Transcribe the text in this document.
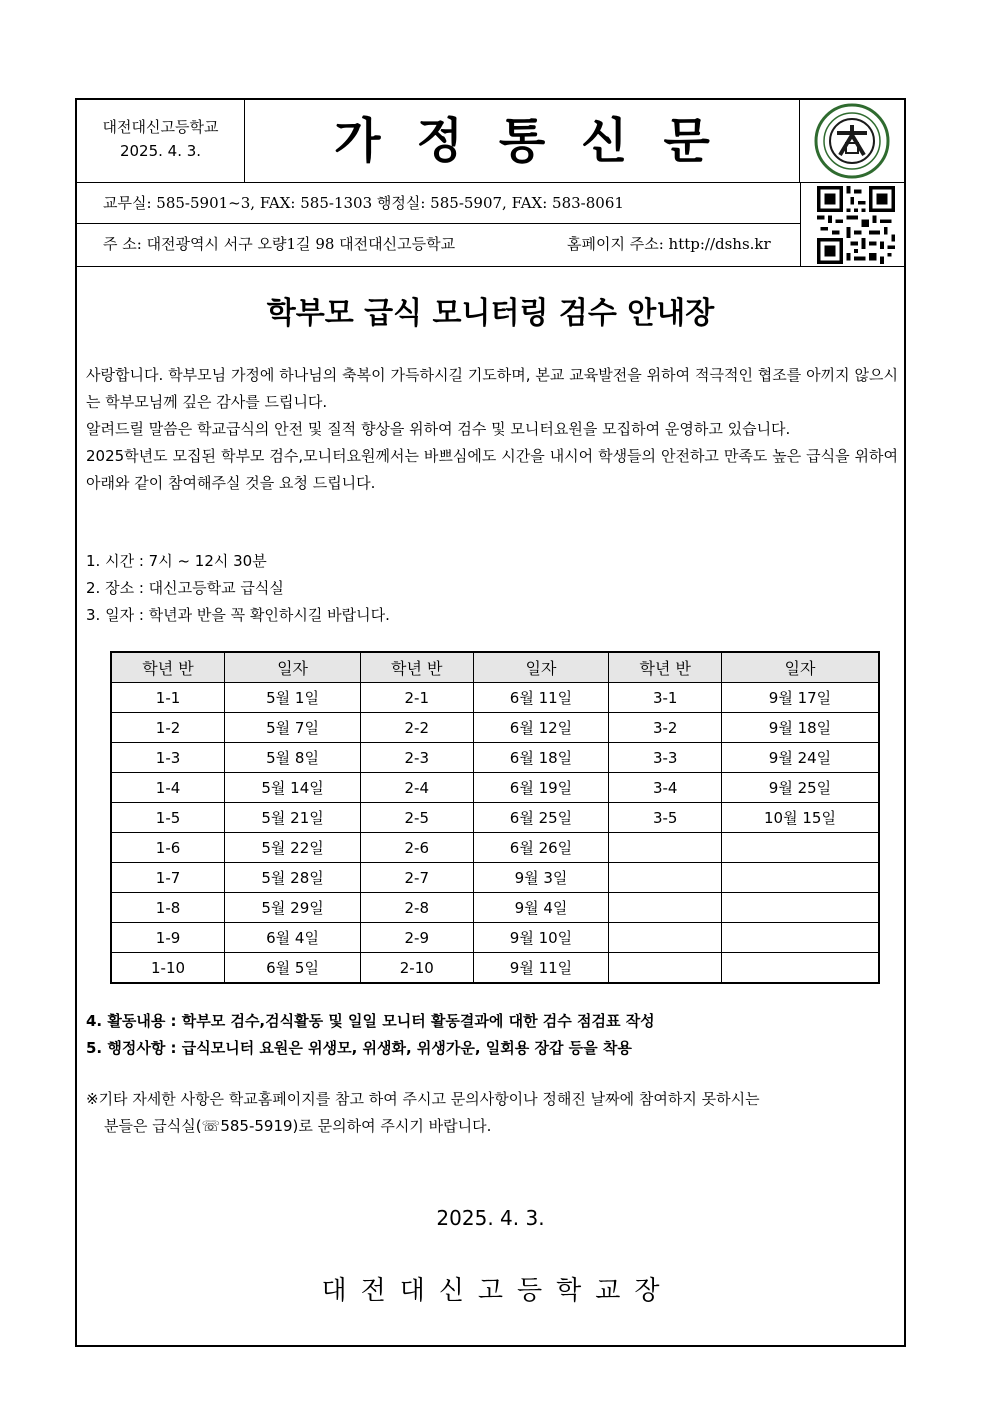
대전대신고등학교
2025. 4. 3.	가정통신문
교무실: 585-5901~3, FAX: 585-1303 행정실: 585-5907, FAX: 583-8061
주 소: 대전광역시 서구 오량1길 98 대전대신고등학교	홈페이지 주소: http://dshs.kr
학부모 급식 모니터링 검수 안내장

사랑합니다. 학부모님 가정에 하나님의 축복이 가득하시길 기도하며, 본교 교육발전을 위하여 적극적인 협조를 아끼지 않으시는 학부모님께 깊은 감사를 드립니다.

알려드릴 말씀은 학교급식의 안전 및 질적 향상을 위하여 검수 및 모니터요원을 모집하여 운영하고 있습니다.

2025학년도 모집된 학부모 검수,모니터요원께서는 바쁘심에도 시간을 내시어 학생들의 안전하고 만족도 높은 급식을 위하여 아래와 같이 참여해주실 것을 요청 드립니다.

1. 시간 : 7시 ~ 12시 30분
2. 장소 : 대신고등학교 급식실
3. 일자 : 학년과 반을 꼭 확인하시길 바랍니다.
학년 반	일자	학년 반	일자	학년 반	일자
1-1	5월 1일	2-1	6월 11일	3-1	9월 17일
1-2	5월 7일	2-2	6월 12일	3-2	9월 18일
1-3	5월 8일	2-3	6월 18일	3-3	9월 24일
1-4	5월 14일	2-4	6월 19일	3-4	9월 25일
1-5	5월 21일	2-5	6월 25일	3-5	10월 15일
1-6	5월 22일	2-6	6월 26일		
1-7	5월 28일	2-7	9월 3일		
1-8	5월 29일	2-8	9월 4일		
1-9	6월 4일	2-9	9월 10일		
1-10	6월 5일	2-10	9월 11일		
4. 활동내용 : 학부모 검수,검식활동 및 일일 모니터 활동결과에 대한 검수 점검표 작성
5. 행정사항 : 급식모니터 요원은 위생모, 위생화, 위생가운, 일회용 장갑 등을 착용
※기타 자세한 사항은 학교홈페이지를 참고 하여 주시고 문의사항이나 정해진 날짜에 참여하지 못하시는
분들은 급식실(☏585-5919)로 문의하여 주시기 바랍니다.
2025. 4. 3.
대전대신고등학교장
